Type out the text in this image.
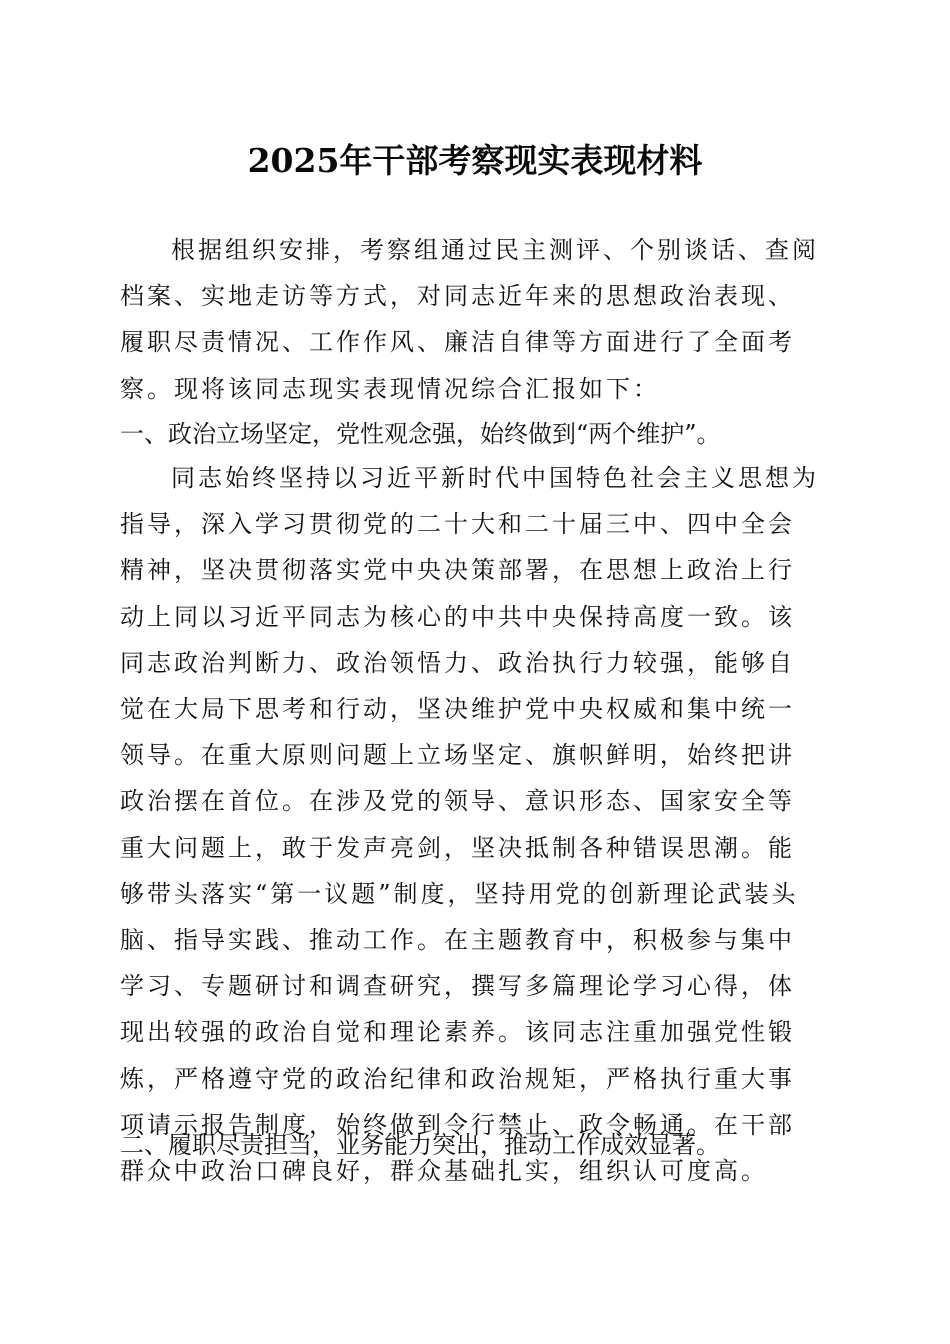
2025年干部考察现实表现材料

根据组织安排，考察组通过民主测评、个别谈话、查阅档案、实地走访等方式，对同志近年来的思想政治表现、履职尽责情况、工作作风、廉洁自律等方面进行了全面考察。现将该同志现实表现情况综合汇报如下：

一、政治立场坚定，党性观念强，始终做到“两个维护”。

同志始终坚持以习近平新时代中国特色社会主义思想为指导，深入学习贯彻党的二十大和二十届三中、四中全会精神，坚决贯彻落实党中央决策部署，在思想上政治上行动上同以习近平同志为核心的中共中央保持高度一致。该同志政治判断力、政治领悟力、政治执行力较强，能够自觉在大局下思考和行动，坚决维护党中央权威和集中统一领导。在重大原则问题上立场坚定、旗帜鲜明，始终把讲政治摆在首位。在涉及党的领导、意识形态、国家安全等重大问题上，敢于发声亮剑，坚决抵制各种错误思潮。能够带头落实“第一议题”制度，坚持用党的创新理论武装头脑、指导实践、推动工作。在主题教育中，积极参与集中学习、专题研讨和调查研究，撰写多篇理论学习心得，体现出较强的政治自觉和理论素养。该同志注重加强党性锻炼，严格遵守党的政治纪律和政治规矩，严格执行重大事项请示报告制度，始终做到令行禁止、政令畅通。在干部群众中政治口碑良好，群众基础扎实，组织认可度高。

二、履职尽责担当，业务能力突出，推动工作成效显著。
